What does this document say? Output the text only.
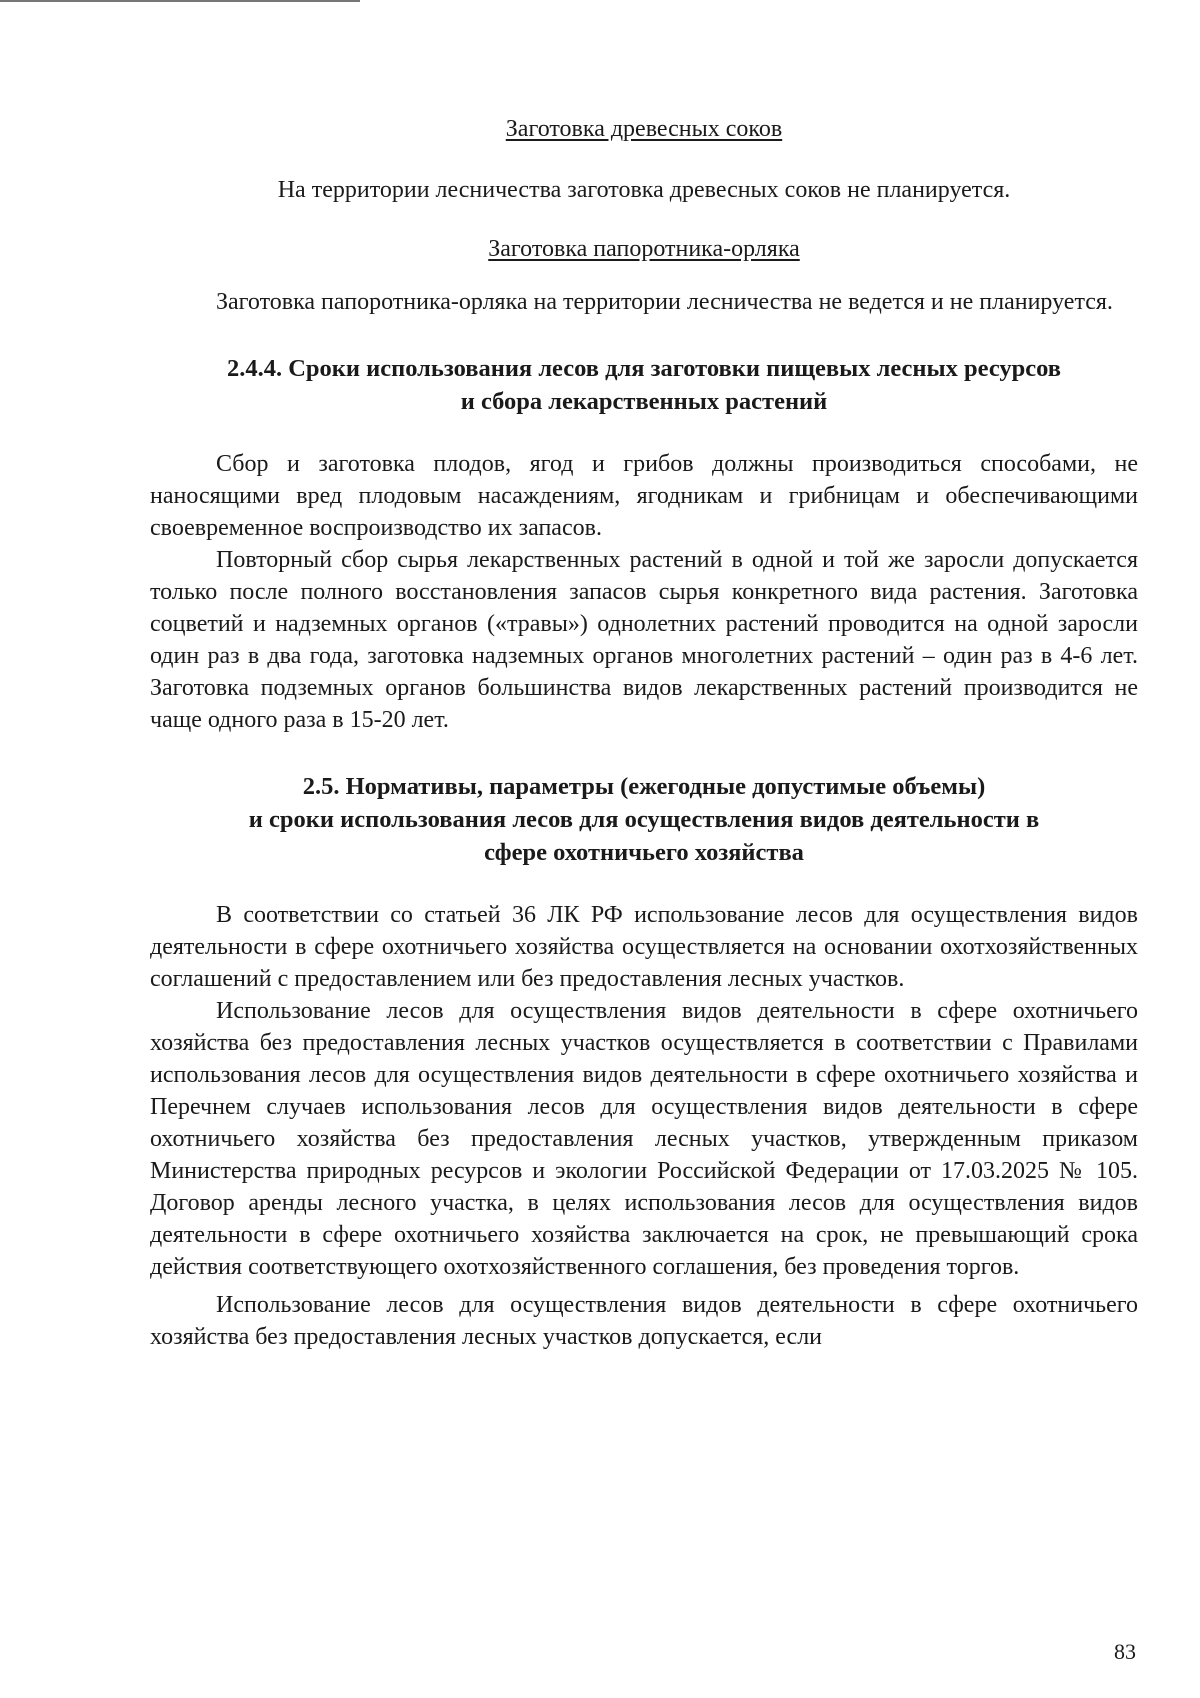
Заготовка древесных соков

На территории лесничества заготовка древесных соков не планируется.

Заготовка папоротника-орляка

Заготовка папоротника-орляка на территории лесничества не ведется и не планируется.

2.4.4. Сроки использования лесов для заготовки пищевых лесных ресурсов
и сбора лекарственных растений

Сбор и заготовка плодов, ягод и грибов должны производиться способами, не наносящими вред плодовым насаждениям, ягодникам и грибницам и обеспечивающими своевременное воспроизводство их запасов.

Повторный сбор сырья лекарственных растений в одной и той же заросли допускается только после полного восстановления запасов сырья конкретного вида растения. Заготовка соцветий и надземных органов («травы») однолетних растений проводится на одной заросли один раз в два года, заготовка надземных органов многолетних растений – один раз в 4-6 лет. Заготовка подземных органов большинства видов лекарственных растений производится не чаще одного раза в 15-20 лет.

2.5. Нормативы, параметры (ежегодные допустимые объемы)
и сроки использования лесов для осуществления видов деятельности в
сфере охотничьего хозяйства

В соответствии со статьей 36 ЛК РФ использование лесов для осуществления видов деятельности в сфере охотничьего хозяйства осуществляется на основании охотхозяйственных соглашений с предоставлением или без предоставления лесных участков.

Использование лесов для осуществления видов деятельности в сфере охотничьего хозяйства без предоставления лесных участков осуществляется в соответствии с Правилами использования лесов для осуществления видов деятельности в сфере охотничьего хозяйства и Перечнем случаев использования лесов для осуществления видов деятельности в сфере охотничьего хозяйства без предоставления лесных участков, утвержденным приказом Министерства природных ресурсов и экологии Российской Федерации от 17.03.2025 № 105. Договор аренды лесного участка, в целях использования лесов для осуществления видов деятельности в сфере охотничьего хозяйства заключается на срок, не превышающий срока действия соответствующего охотхозяйственного соглашения, без проведения торгов.

Использование лесов для осуществления видов деятельности в сфере охотничьего хозяйства без предоставления лесных участков допускается, если

83
